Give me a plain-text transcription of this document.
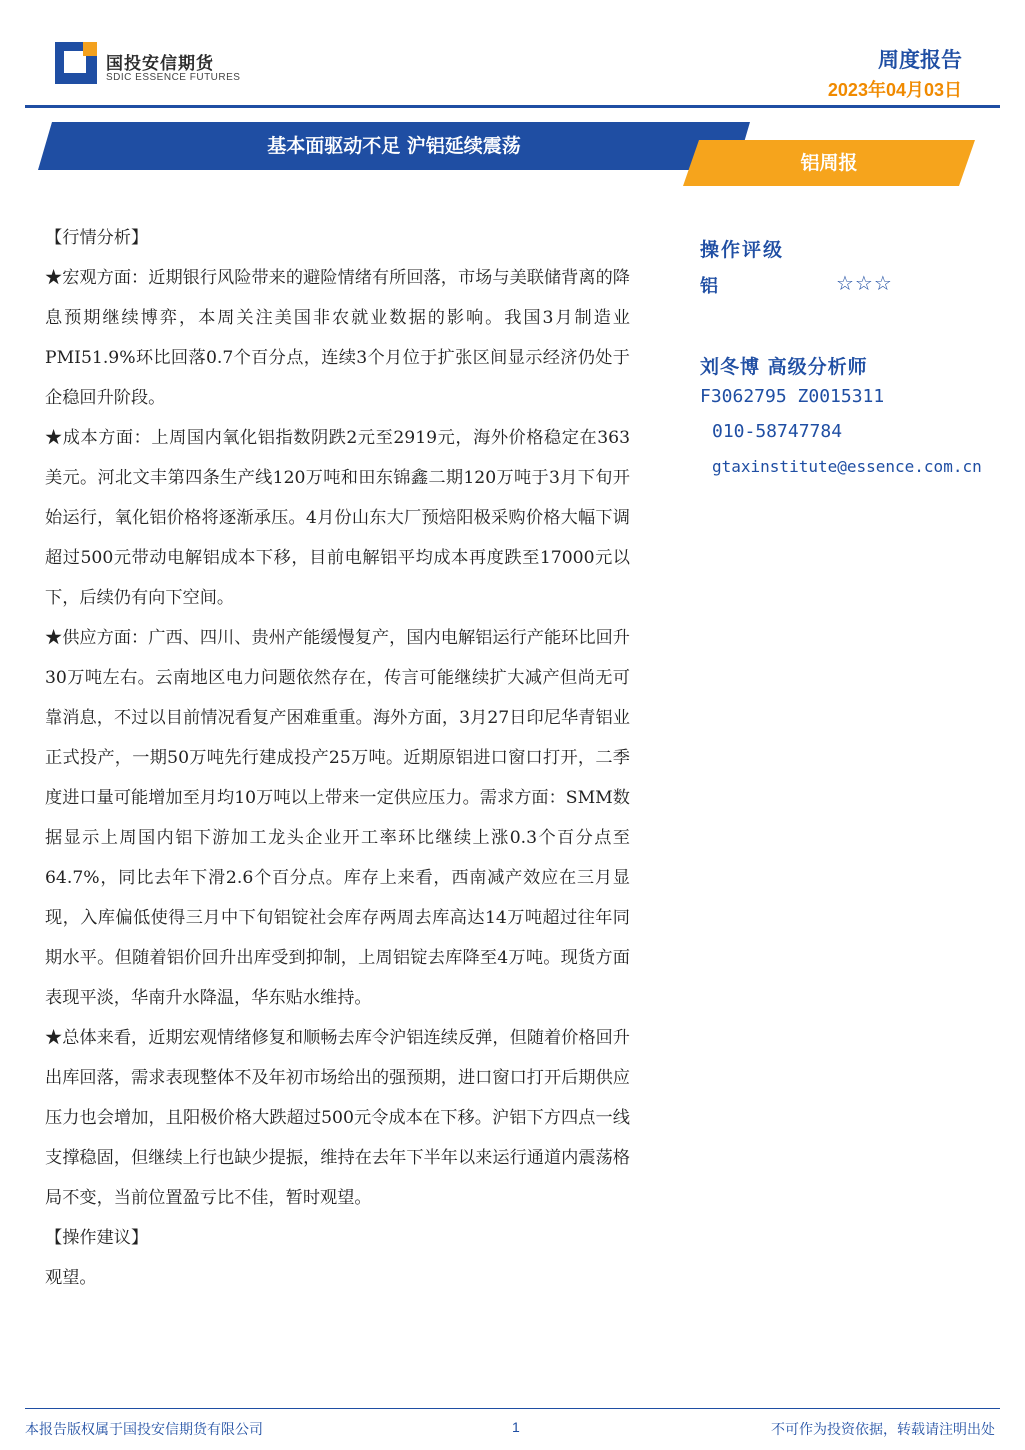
国投安信期货
SDIC ESSENCE FUTURES
周度报告
2023年04月03日
基本面驱动不足 沪铝延续震荡
铝周报

【行情分析】

★宏观方面：近期银行风险带来的避险情绪有所回落，市场与美联储背离的降息预期继续博弈，本周关注美国非农就业数据的影响。我国3月制造业PMI51.9%环比回落0.7个百分点，连续3个月位于扩张区间显示经济仍处于企稳回升阶段。

★成本方面：上周国内氧化铝指数阴跌2元至2919元，海外价格稳定在363美元。河北文丰第四条生产线120万吨和田东锦鑫二期120万吨于3月下旬开始运行，氧化铝价格将逐渐承压。4月份山东大厂预焙阳极采购价格大幅下调超过500元带动电解铝成本下移，目前电解铝平均成本再度跌至17000元以下，后续仍有向下空间。

★供应方面：广西、四川、贵州产能缓慢复产，国内电解铝运行产能环比回升30万吨左右。云南地区电力问题依然存在，传言可能继续扩大减产但尚无可靠消息，不过以目前情况看复产困难重重。海外方面，3月27日印尼华青铝业正式投产，一期50万吨先行建成投产25万吨。近期原铝进口窗口打开，二季度进口量可能增加至月均10万吨以上带来一定供应压力。需求方面：SMM数据显示上周国内铝下游加工龙头企业开工率环比继续上涨0.3个百分点至64.7%，同比去年下滑2.6个百分点。库存上来看，西南减产效应在三月显现，入库偏低使得三月中下旬铝锭社会库存两周去库高达14万吨超过往年同期水平。但随着铝价回升出库受到抑制，上周铝锭去库降至4万吨。现货方面表现平淡，华南升水降温，华东贴水维持。

★总体来看，近期宏观情绪修复和顺畅去库令沪铝连续反弹，但随着价格回升出库回落，需求表现整体不及年初市场给出的强预期，进口窗口打开后期供应压力也会增加，且阳极价格大跌超过500元令成本在下移。沪铝下方四点一线支撑稳固，但继续上行也缺少提振，维持在去年下半年以来运行通道内震荡格局不变，当前位置盈亏比不佳，暂时观望。

【操作建议】

观望。

操作评级
铝	☆☆☆
刘冬博 高级分析师
F3062795 Z0015311
010-58747784
gtaxinstitute@essence.com.cn
本报告版权属于国投安信期货有限公司	1	不可作为投资依据，转载请注明出处
